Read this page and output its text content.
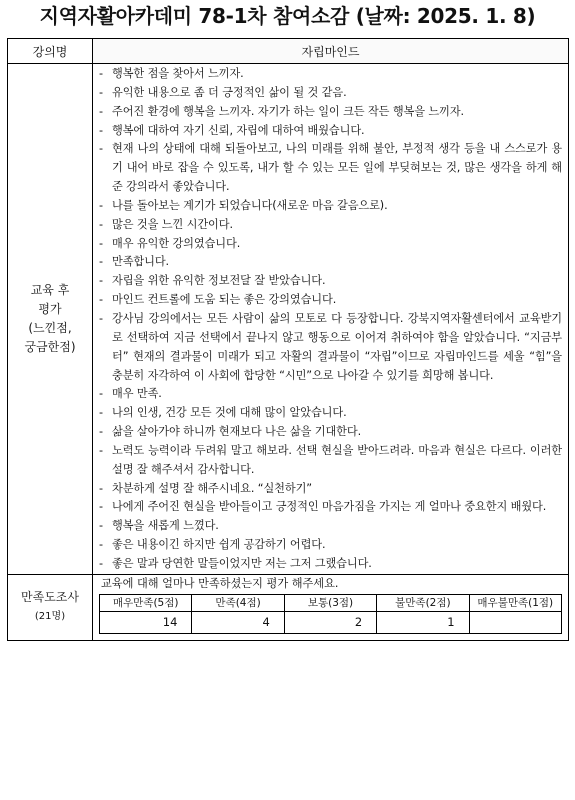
지역자활아카데미 78-1차 참여소감 (날짜: 2025. 1. 8)
강의명	자립마인드

교육 후
평가
(느낀점,
궁금한점)

- 행복한 점을 찾아서 느끼자.
- 유익한 내용으로 좀 더 긍정적인 삶이 될 것 같음.
- 주어진 환경에 행복을 느끼자. 자기가 하는 일이 크든 작든 행복을 느끼자.
- 행복에 대하여 자기 신뢰, 자립에 대하여 배웠습니다.
- 현재 나의 상태에 대해 되돌아보고, 나의 미래를 위해 불안, 부정적 생각 등을 내 스스로가 용기 내어 바로 잡을 수 있도록, 내가 할 수 있는 모든 일에 부딪혀보는 것, 많은 생각을 하게 해준 강의라서 좋았습니다.
- 나를 돌아보는 계기가 되었습니다(새로운 마음 갈음으로).
- 많은 것을 느낀 시간이다.
- 매우 유익한 강의였습니다.
- 만족합니다.
- 자립을 위한 유익한 정보전달 잘 받았습니다.
- 마인드 컨트롤에 도움 되는 좋은 강의였습니다.
- 강사님 강의에서는 모든 사람이 삶의 모토로 다 등장합니다. 강북지역자활센터에서 교육받기로 선택하여 지금 선택에서 끝나지 않고 행동으로 이어져 취하여야 함을 알았습니다. “지금부터” 현재의 결과물이 미래가 되고 자활의 결과물이 “자립”이므로 자립마인드를 세울 “힘”을 충분히 자각하여 이 사회에 합당한 “시민”으로 나아갈 수 있기를 희망해 봅니다.
- 매우 만족.
- 나의 인생, 건강 모든 것에 대해 많이 알았습니다.
- 삶을 살아가야 하니까 현재보다 나은 삶을 기대한다.
- 노력도 능력이라 두려워 말고 해보라. 선택 현실을 받아드려라. 마음과 현실은 다르다. 이러한 설명 잘 해주셔서 감사합니다.
- 차분하게 설명 잘 해주시네요. “실천하기”
- 나에게 주어진 현실을 받아들이고 긍정적인 마음가짐을 가지는 게 얼마나 중요한지 배웠다.
- 행복을 새롭게 느꼈다.
- 좋은 내용이긴 하지만 쉽게 공감하기 어렵다.
- 좋은 말과 당연한 말들이었지만 저는 그저 그랬습니다.

만족도조사
(21명)

교육에 대해 얼마나 만족하셨는지 평가 해주세요.
매우만족(5점)	만족(4점)	보통(3점)	불만족(2점)	매우불만족(1점)
14	4	2	1	
